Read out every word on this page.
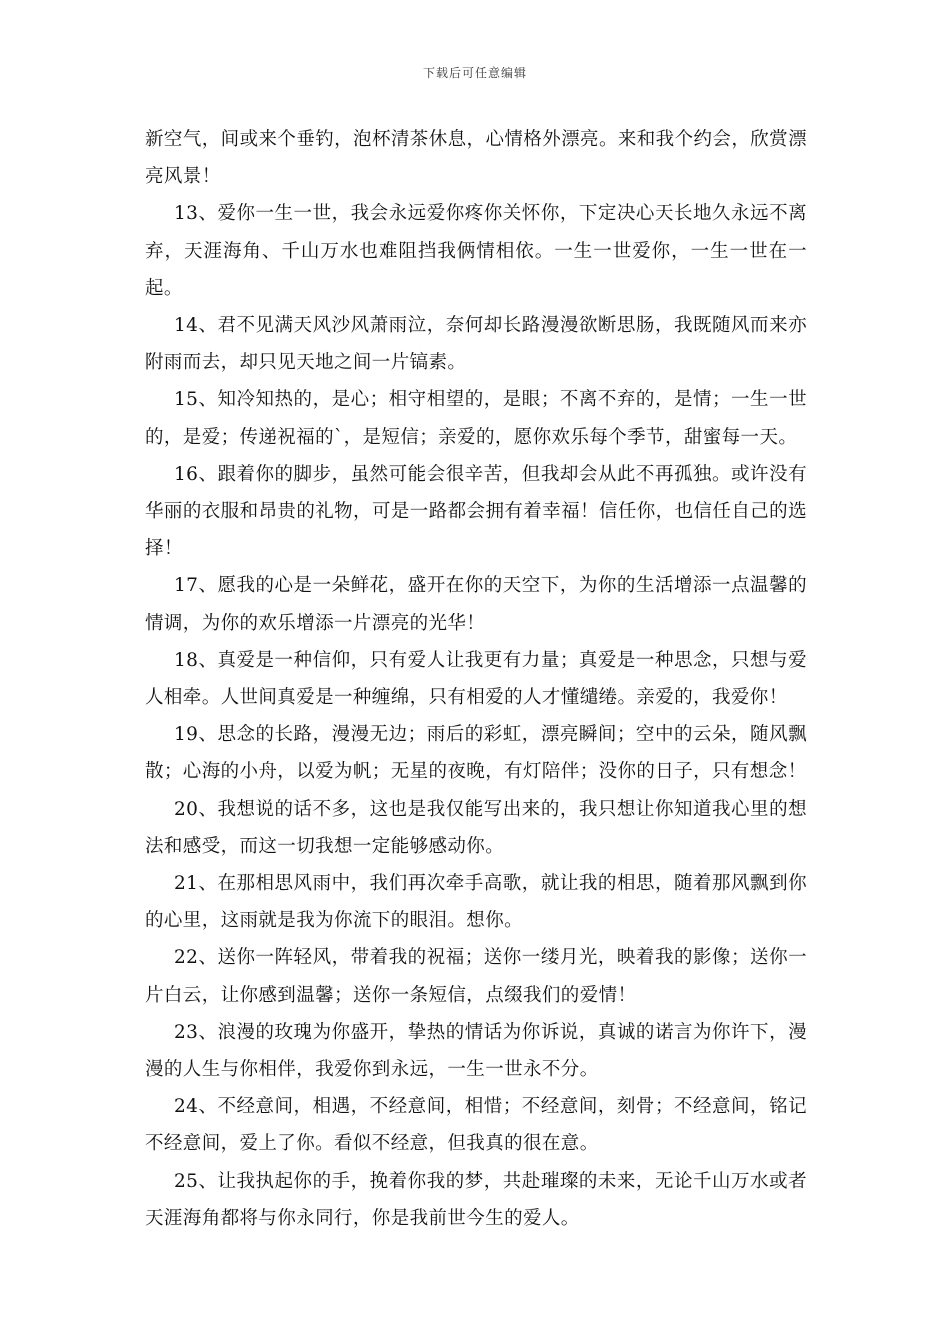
下载后可任意编辑

新空气，间或来个垂钓，泡杯清茶休息，心情格外漂亮。来和我个约会，欣赏漂亮风景！

13、爱你一生一世，我会永远爱你疼你关怀你，下定决心天长地久永远不离弃，天涯海角、千山万水也难阻挡我俩情相依。一生一世爱你，一生一世在一起。

14、君不见满天风沙风萧雨泣，奈何却长路漫漫欲断思肠，我既随风而来亦附雨而去，却只见天地之间一片镐素。

15、知冷知热的，是心；相守相望的，是眼；不离不弃的，是情；一生一世的，是爱；传递祝福的`，是短信；亲爱的，愿你欢乐每个季节，甜蜜每一天。

16、跟着你的脚步，虽然可能会很辛苦，但我却会从此不再孤独。或许没有华丽的衣服和昂贵的礼物，可是一路都会拥有着幸福！信任你，也信任自己的选择！

17、愿我的心是一朵鲜花，盛开在你的天空下，为你的生活增添一点温馨的情调，为你的欢乐增添一片漂亮的光华！

18、真爱是一种信仰，只有爱人让我更有力量；真爱是一种思念，只想与爱人相牵。人世间真爱是一种缠绵，只有相爱的人才懂缱绻。亲爱的，我爱你！

19、思念的长路，漫漫无边；雨后的彩虹，漂亮瞬间；空中的云朵，随风飘散；心海的小舟，以爱为帆；无星的夜晚，有灯陪伴；没你的日子，只有想念！

20、我想说的话不多，这也是我仅能写出来的，我只想让你知道我心里的想法和感受，而这一切我想一定能够感动你。

21、在那相思风雨中，我们再次牵手高歌，就让我的相思，随着那风飘到你的心里，这雨就是我为你流下的眼泪。想你。

22、送你一阵轻风，带着我的祝福；送你一缕月光，映着我的影像；送你一片白云，让你感到温馨；送你一条短信，点缀我们的爱情！

23、浪漫的玫瑰为你盛开，挚热的情话为你诉说，真诚的诺言为你许下，漫漫的人生与你相伴，我爱你到永远，一生一世永不分。

24、不经意间，相遇，不经意间，相惜；不经意间，刻骨；不经意间，铭记不经意间，爱上了你。看似不经意，但我真的很在意。

25、让我执起你的手，挽着你我的梦，共赴璀璨的未来，无论千山万水或者天涯海角都将与你永同行，你是我前世今生的爱人。
